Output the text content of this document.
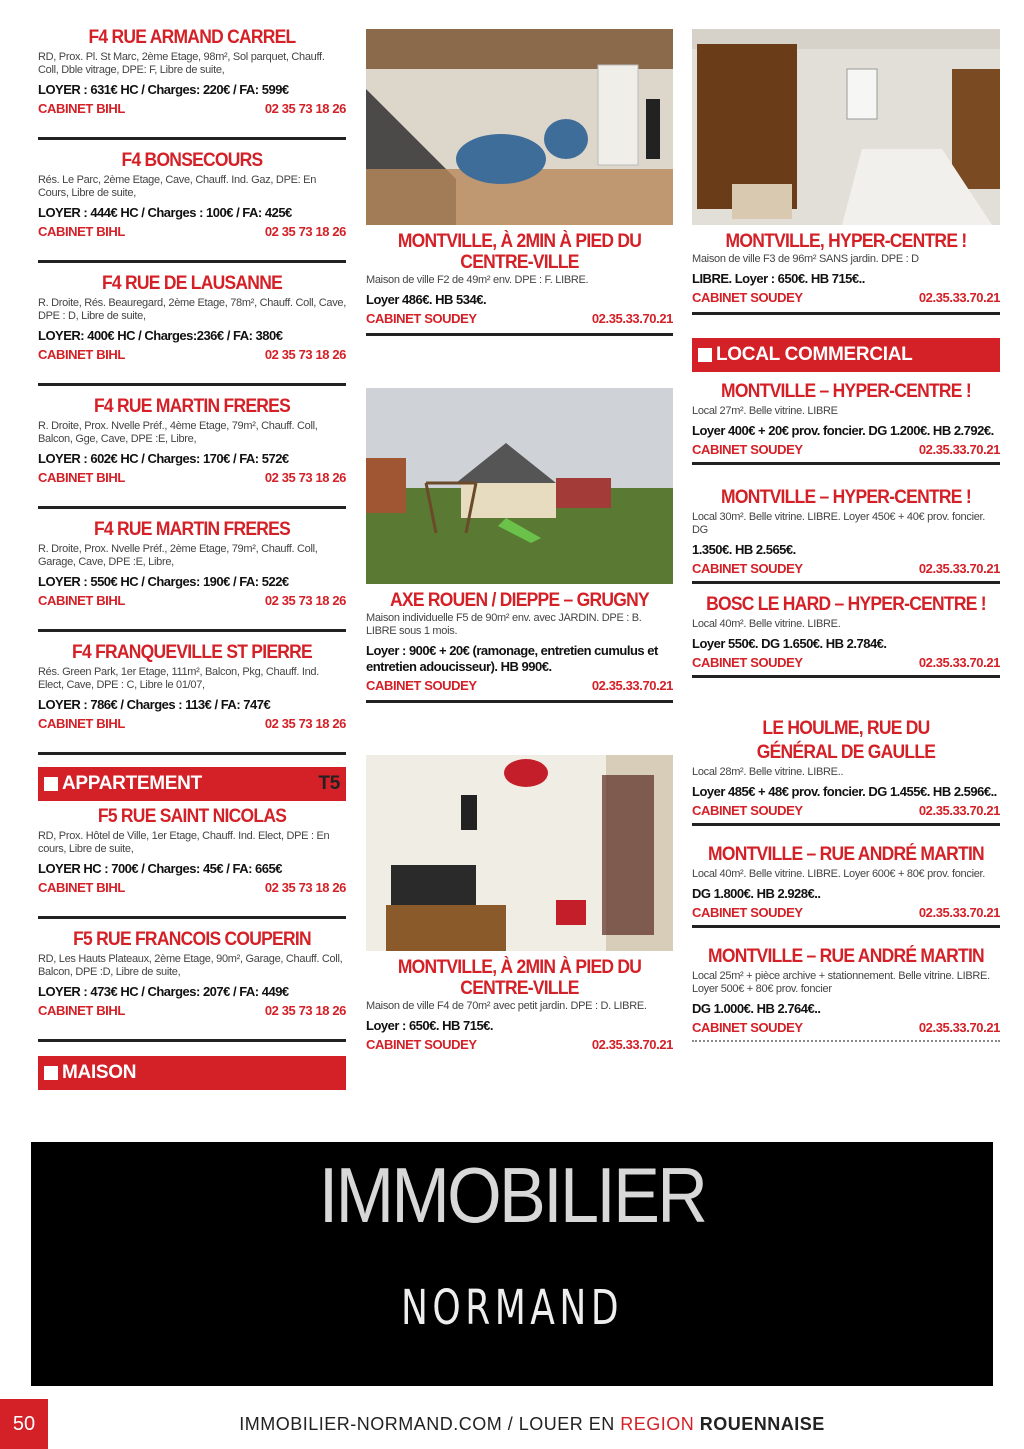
F4 RUE ARMAND CARREL
RD, Prox. Pl. St Marc, 2ème Etage, 98m², Sol parquet, Chauff. Coll, Dble vitrage, DPE: F, Libre de suite,
LOYER : 631€ HC / Charges: 220€ / FA: 599€
CABINET BIHL	02 35 73 18 26
F4 BONSECOURS
Rés. Le Parc, 2ème Etage, Cave, Chauff. Ind. Gaz, DPE: En Cours, Libre de suite,
LOYER : 444€ HC / Charges : 100€ / FA: 425€
CABINET BIHL	02 35 73 18 26
F4 RUE DE LAUSANNE
R. Droite, Rés. Beauregard, 2ème Etage, 78m², Chauff. Coll, Cave, DPE : D, Libre de suite,
LOYER: 400€ HC / Charges:236€ / FA: 380€
CABINET BIHL	02 35 73 18 26
F4 RUE MARTIN FRERES
R. Droite, Prox. Nvelle Préf., 4ème Etage, 79m², Chauff. Coll, Balcon, Gge, Cave, DPE :E, Libre,
LOYER : 602€ HC / Charges: 170€ / FA: 572€
CABINET BIHL	02 35 73 18 26
F4 RUE MARTIN FRERES
R. Droite, Prox. Nvelle Préf., 2ème Etage, 79m², Chauff. Coll, Garage, Cave, DPE :E, Libre,
LOYER : 550€ HC / Charges: 190€ / FA: 522€
CABINET BIHL	02 35 73 18 26
F4 FRANQUEVILLE ST PIERRE
Rés. Green Park, 1er Etage, 111m², Balcon, Pkg, Chauff. Ind. Elect, Cave, DPE : C, Libre le 01/07,
LOYER : 786€ / Charges : 113€ / FA: 747€
CABINET BIHL	02 35 73 18 26
APPARTEMENT	T5
F5 RUE SAINT NICOLAS
RD, Prox. Hôtel de Ville, 1er Etage, Chauff. Ind. Elect, DPE : En cours, Libre de suite,
LOYER HC : 700€ / Charges: 45€ / FA: 665€
CABINET BIHL	02 35 73 18 26
F5 RUE FRANCOIS COUPERIN
RD, Les Hauts Plateaux, 2ème Etage, 90m², Garage, Chauff. Coll, Balcon, DPE :D, Libre de suite,
LOYER : 473€ HC / Charges: 207€ / FA: 449€
CABINET BIHL	02 35 73 18 26
MAISON
MONTVILLE, À 2MIN À PIED DU CENTRE-VILLE
Maison de ville F2 de 49m² env. DPE : F. LIBRE.
Loyer 486€. HB 534€.
CABINET SOUDEY	02.35.33.70.21
AXE ROUEN / DIEPPE – GRUGNY
Maison individuelle F5 de 90m² env. avec JARDIN. DPE : B. LIBRE sous 1 mois.
Loyer : 900€ + 20€ (ramonage, entretien cumulus et entretien adoucisseur). HB 990€.
CABINET SOUDEY	02.35.33.70.21
MONTVILLE, À 2MIN À PIED DU CENTRE-VILLE
Maison de ville F4 de 70m² avec petit jardin. DPE : D. LIBRE.
Loyer : 650€. HB 715€.
CABINET SOUDEY	02.35.33.70.21
MONTVILLE, HYPER-CENTRE !
Maison de ville F3 de 96m² SANS jardin. DPE : D
LIBRE. Loyer : 650€. HB 715€..
CABINET SOUDEY	02.35.33.70.21
LOCAL COMMERCIAL
MONTVILLE – HYPER-CENTRE !
Local 27m². Belle vitrine. LIBRE
Loyer 400€ + 20€ prov. foncier. DG 1.200€. HB 2.792€.
CABINET SOUDEY	02.35.33.70.21
MONTVILLE – HYPER-CENTRE !
Local 30m². Belle vitrine. LIBRE. Loyer 450€ + 40€ prov. foncier. DG
1.350€. HB 2.565€.
CABINET SOUDEY	02.35.33.70.21
BOSC LE HARD – HYPER-CENTRE !
Local 40m². Belle vitrine. LIBRE.
Loyer 550€. DG 1.650€. HB 2.784€.
CABINET SOUDEY	02.35.33.70.21
LE HOULME, RUE DU GÉNÉRAL DE GAULLE
Local 28m². Belle vitrine. LIBRE..
Loyer 485€ + 48€ prov. foncier. DG 1.455€. HB 2.596€..
CABINET SOUDEY	02.35.33.70.21
MONTVILLE – RUE ANDRÉ MARTIN
Local 40m². Belle vitrine. LIBRE. Loyer 600€ + 80€ prov. foncier.
DG 1.800€. HB 2.928€..
CABINET SOUDEY	02.35.33.70.21
MONTVILLE – RUE ANDRÉ MARTIN
Local 25m² + pièce archive + stationnement. Belle vitrine. LIBRE. Loyer 500€ + 80€ prov. foncier
DG 1.000€. HB 2.764€..
CABINET SOUDEY	02.35.33.70.21
IMMOBILIER
NORMAND
50	IMMOBILIER-NORMAND.COM / LOUER EN REGION ROUENNAISE
